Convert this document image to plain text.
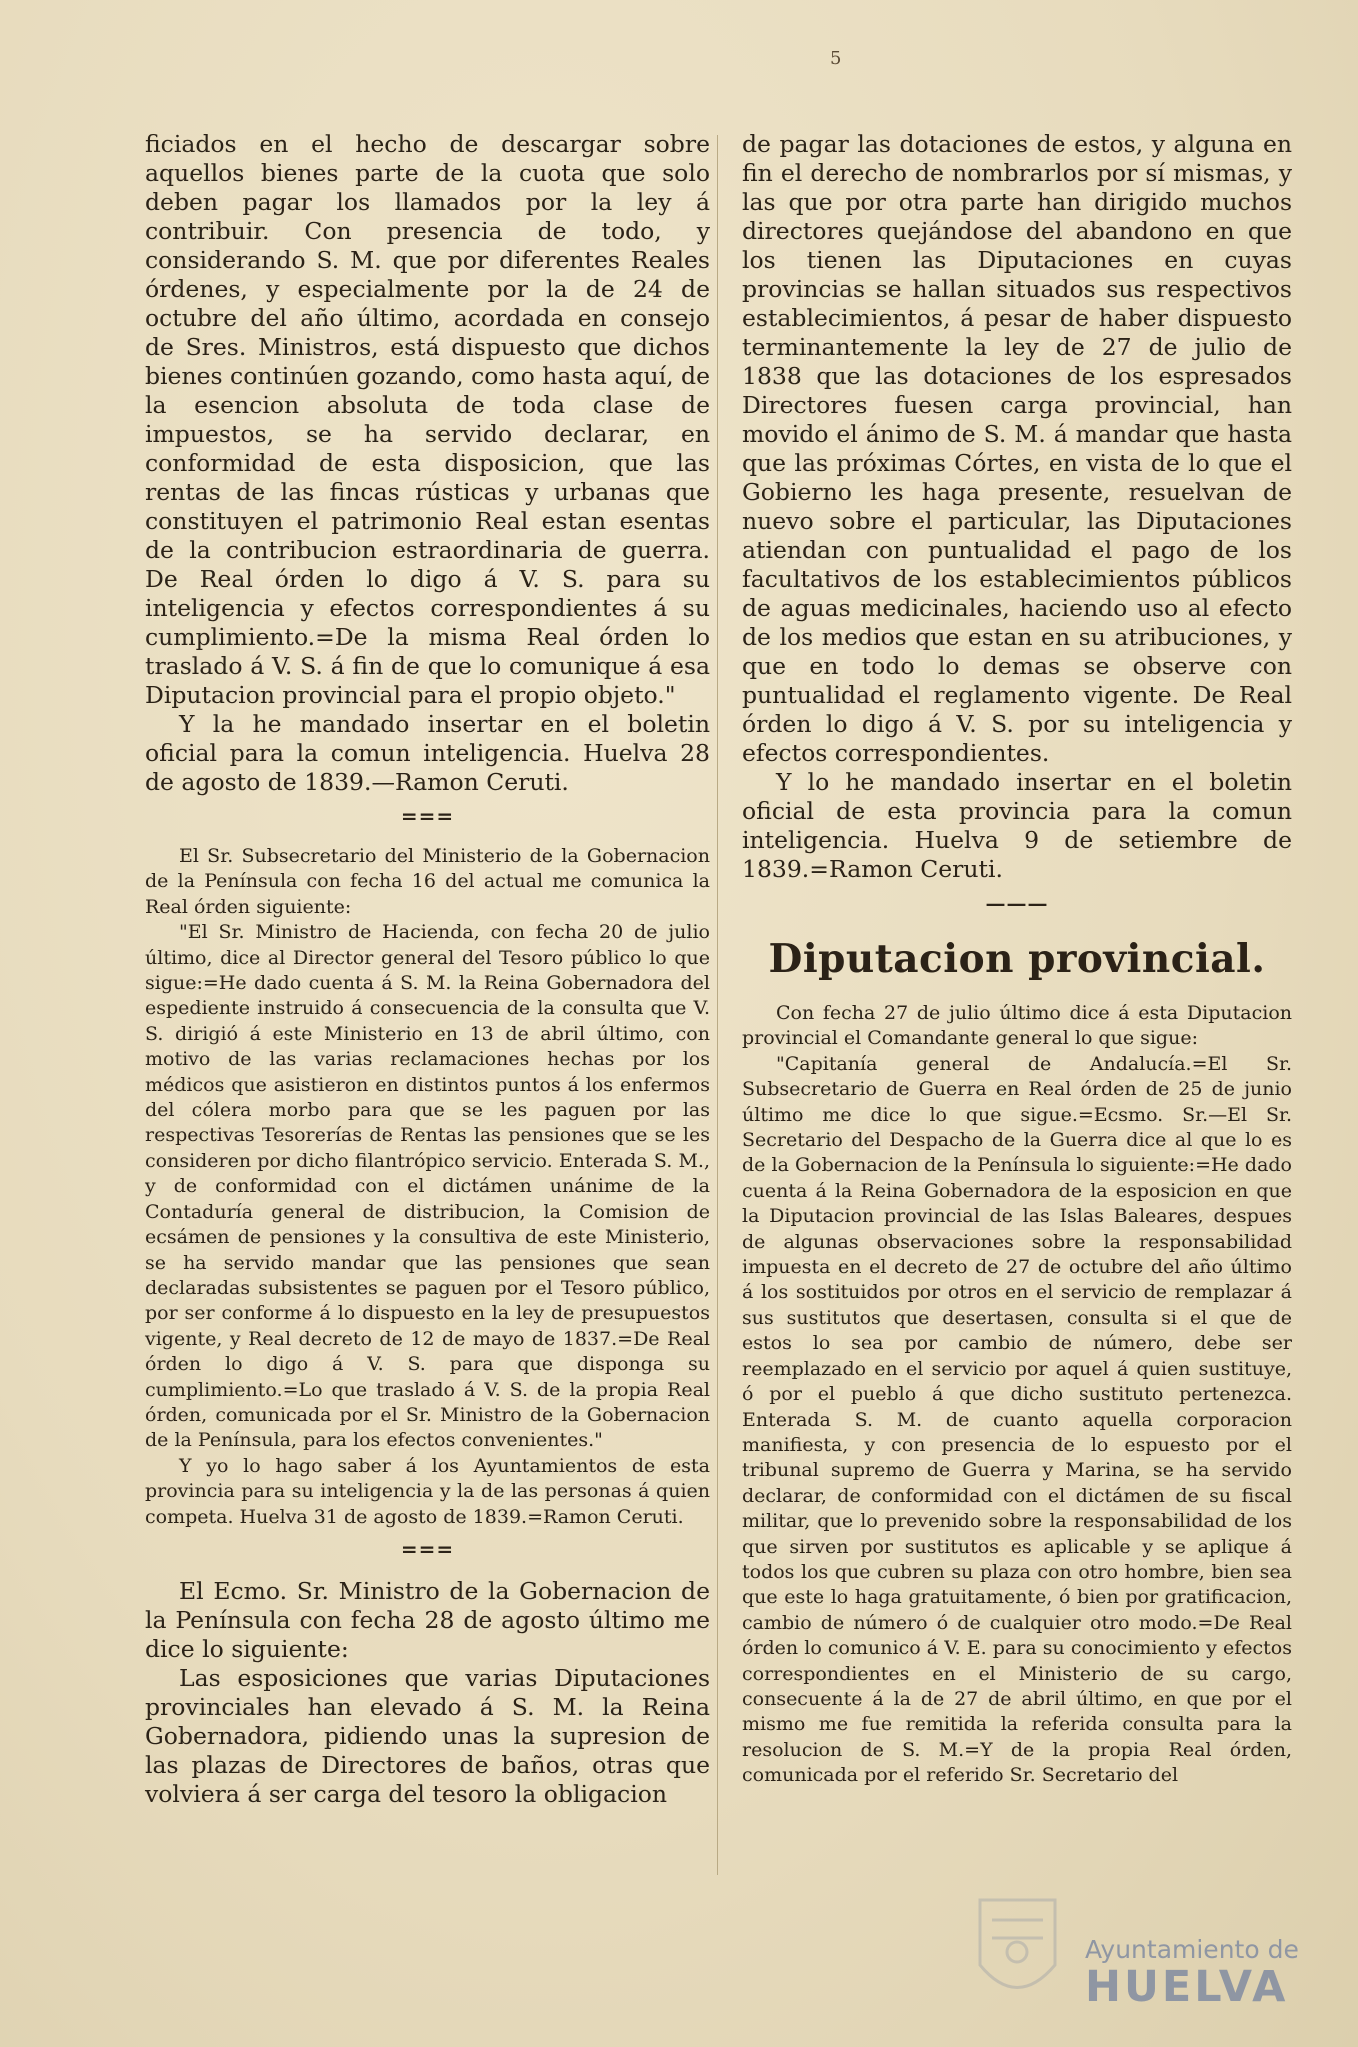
5

ficiados en el hecho de descargar sobre aquellos bienes parte de la cuota que solo deben pagar los llamados por la ley á contribuir. Con presencia de todo, y considerando S. M. que por diferentes Reales órdenes, y especialmente por la de 24 de octubre del año último, acordada en consejo de Sres. Ministros, está dispuesto que dichos bienes continúen gozando, como hasta aquí, de la esencion absoluta de toda clase de impuestos, se ha servido declarar, en conformidad de esta disposicion, que las rentas de las fincas rústicas y urbanas que constituyen el patrimonio Real estan esentas de la contribucion estraordinaria de guerra. De Real órden lo digo á V. S. para su inteligencia y efectos correspondientes á su cumplimiento.=De la misma Real órden lo traslado á V. S. á fin de que lo comunique á esa Diputacion provincial para el propio objeto."

Y la he mandado insertar en el boletin oficial para la comun inteligencia. Huelva 28 de agosto de 1839.—Ramon Ceruti.

===

El Sr. Subsecretario del Ministerio de la Gobernacion de la Península con fecha 16 del actual me comunica la Real órden siguiente:

"El Sr. Ministro de Hacienda, con fecha 20 de julio último, dice al Director general del Tesoro público lo que sigue:=He dado cuenta á S. M. la Reina Gobernadora del espediente instruido á consecuencia de la consulta que V. S. dirigió á este Ministerio en 13 de abril último, con motivo de las varias reclamaciones hechas por los médicos que asistieron en distintos puntos á los enfermos del cólera morbo para que se les paguen por las respectivas Tesorerías de Rentas las pensiones que se les consideren por dicho filantrópico servicio. Enterada S. M., y de conformidad con el dictámen unánime de la Contaduría general de distribucion, la Comision de ecsámen de pensiones y la consultiva de este Ministerio, se ha servido mandar que las pensiones que sean declaradas subsistentes se paguen por el Tesoro público, por ser conforme á lo dispuesto en la ley de presupuestos vigente, y Real decreto de 12 de mayo de 1837.=De Real órden lo digo á V. S. para que disponga su cumplimiento.=Lo que traslado á V. S. de la propia Real órden, comunicada por el Sr. Ministro de la Gobernacion de la Península, para los efectos convenientes."

Y yo lo hago saber á los Ayuntamientos de esta provincia para su inteligencia y la de las personas á quien competa. Huelva 31 de agosto de 1839.=Ramon Ceruti.

===

El Ecmo. Sr. Ministro de la Gobernacion de la Península con fecha 28 de agosto último me dice lo siguiente:

Las esposiciones que varias Diputaciones provinciales han elevado á S. M. la Reina Gobernadora, pidiendo unas la supresion de las plazas de Directores de baños, otras que volviera á ser carga del tesoro la obligacion

de pagar las dotaciones de estos, y alguna en fin el derecho de nombrarlos por sí mismas, y las que por otra parte han dirigido muchos directores quejándose del abandono en que los tienen las Diputaciones en cuyas provincias se hallan situados sus respectivos establecimientos, á pesar de haber dispuesto terminantemente la ley de 27 de julio de 1838 que las dotaciones de los espresados Directores fuesen carga provincial, han movido el ánimo de S. M. á mandar que hasta que las próximas Córtes, en vista de lo que el Gobierno les haga presente, resuelvan de nuevo sobre el particular, las Diputaciones atiendan con puntualidad el pago de los facultativos de los establecimientos públicos de aguas medicinales, haciendo uso al efecto de los medios que estan en su atribuciones, y que en todo lo demas se observe con puntualidad el reglamento vigente. De Real órden lo digo á V. S. por su inteligencia y efectos correspondientes.

Y lo he mandado insertar en el boletin oficial de esta provincia para la comun inteligencia. Huelva 9 de setiembre de 1839.=Ramon Ceruti.

———
Diputacion provincial.

Con fecha 27 de julio último dice á esta Diputacion provincial el Comandante general lo que sigue:

"Capitanía general de Andalucía.=El Sr. Subsecretario de Guerra en Real órden de 25 de junio último me dice lo que sigue.=Ecsmo. Sr.—El Sr. Secretario del Despacho de la Guerra dice al que lo es de la Gobernacion de la Península lo siguiente:=He dado cuenta á la Reina Gobernadora de la esposicion en que la Diputacion provincial de las Islas Baleares, despues de algunas observaciones sobre la responsabilidad impuesta en el decreto de 27 de octubre del año último á los sostituidos por otros en el servicio de remplazar á sus sustitutos que desertasen, consulta si el que de estos lo sea por cambio de número, debe ser reemplazado en el servicio por aquel á quien sustituye, ó por el pueblo á que dicho sustituto pertenezca. Enterada S. M. de cuanto aquella corporacion manifiesta, y con presencia de lo espuesto por el tribunal supremo de Guerra y Marina, se ha servido declarar, de conformidad con el dictámen de su fiscal militar, que lo prevenido sobre la responsabilidad de los que sirven por sustitutos es aplicable y se aplique á todos los que cubren su plaza con otro hombre, bien sea que este lo haga gratuitamente, ó bien por gratificacion, cambio de número ó de cualquier otro modo.=De Real órden lo comunico á V. E. para su conocimiento y efectos correspondientes en el Ministerio de su cargo, consecuente á la de 27 de abril último, en que por el mismo me fue remitida la referida consulta para la resolucion de S. M.=Y de la propia Real órden, comunicada por el referido Sr. Secretario del

Ayuntamiento de
HUELVA
